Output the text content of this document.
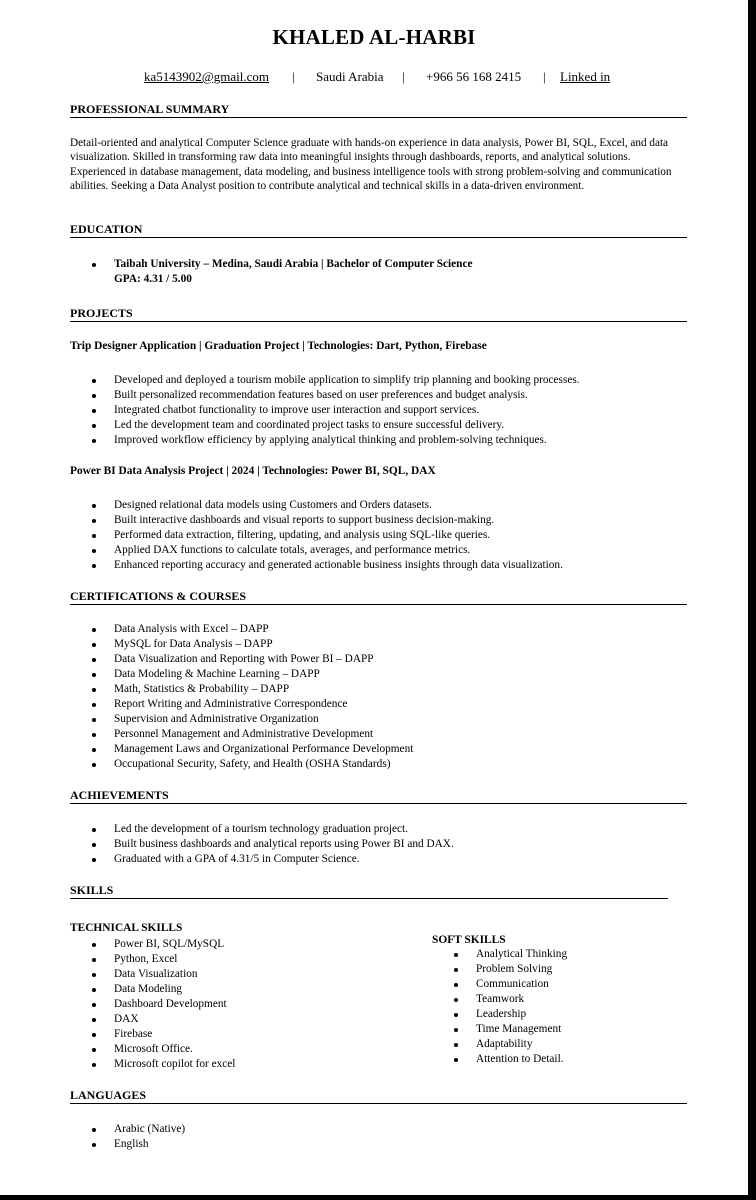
KHALED AL-HARBI
ka5143902@gmail.com | Saudi Arabia | +966 56 168 2415 | Linked in
PROFESSIONAL SUMMARY
Detail-oriented and analytical Computer Science graduate with hands-on experience in data analysis, Power BI, SQL, Excel, and data visualization. Skilled in transforming raw data into meaningful insights through dashboards, reports, and analytical solutions. Experienced in database management, data modeling, and business intelligence tools with strong problem-solving and communication abilities. Seeking a Data Analyst position to contribute analytical and technical skills in a data-driven environment.
EDUCATION
Taibah University – Medina, Saudi Arabia | Bachelor of Computer Science
GPA: 4.31 / 5.00
PROJECTS
Trip Designer Application | Graduation Project | Technologies: Dart, Python, Firebase
Developed and deployed a tourism mobile application to simplify trip planning and booking processes.
Built personalized recommendation features based on user preferences and budget analysis.
Integrated chatbot functionality to improve user interaction and support services.
Led the development team and coordinated project tasks to ensure successful delivery.
Improved workflow efficiency by applying analytical thinking and problem-solving techniques.
Power BI Data Analysis Project | 2024 | Technologies: Power BI, SQL, DAX
Designed relational data models using Customers and Orders datasets.
Built interactive dashboards and visual reports to support business decision-making.
Performed data extraction, filtering, updating, and analysis using SQL-like queries.
Applied DAX functions to calculate totals, averages, and performance metrics.
Enhanced reporting accuracy and generated actionable business insights through data visualization.
CERTIFICATIONS & COURSES
Data Analysis with Excel – DAPP
MySQL for Data Analysis – DAPP
Data Visualization and Reporting with Power BI – DAPP
Data Modeling & Machine Learning – DAPP
Math, Statistics & Probability – DAPP
Report Writing and Administrative Correspondence
Supervision and Administrative Organization
Personnel Management and Administrative Development
Management Laws and Organizational Performance Development
Occupational Security, Safety, and Health (OSHA Standards)
ACHIEVEMENTS
Led the development of a tourism technology graduation project.
Built business dashboards and analytical reports using Power BI and DAX.
Graduated with a GPA of 4.31/5 in Computer Science.
SKILLS
TECHNICAL SKILLS
Power BI, SQL/MySQL
Python, Excel
Data Visualization
Data Modeling
Dashboard Development
DAX
Firebase
Microsoft Office.
Microsoft copilot for excel
SOFT SKILLS
Analytical Thinking
Problem Solving
Communication
Teamwork
Leadership
Time Management
Adaptability
Attention to Detail.
LANGUAGES
Arabic (Native)
English
